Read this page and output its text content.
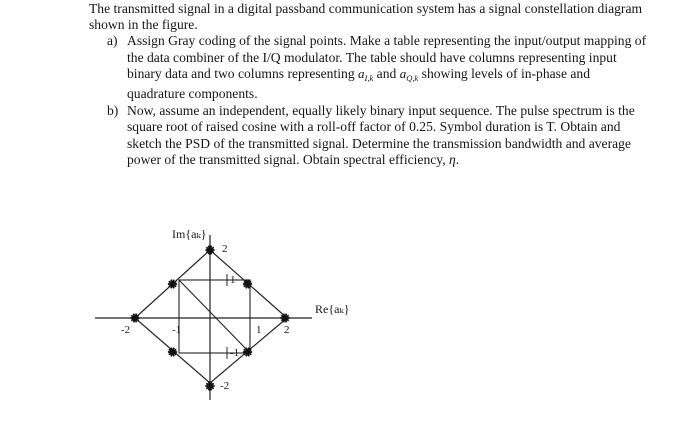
The transmitted signal in a digital passband communication system has a signal constellation diagram shown in the figure.

a) Assign Gray coding of the signal points. Make a table representing the input/output mapping of the data combiner of the I/Q modulator. The table should have columns representing input binary data and two columns representing $a_{I,k}$ and $a_{Q,k}$ showing levels of in-phase and quadrature components.

b) Now, assume an independent, equally likely binary input sequence. The pulse spectrum is the square root of raised cosine with a roll-off factor of 0.25. Symbol duration is T. Obtain and sketch the PSD of the transmitted signal. Determine the transmission bandwidth and average power of the transmitted signal. Obtain spectral efficiency, η.

Im{aₖ}
Re{aₖ}
2
-2
2
-2	1
-1
1
-1
